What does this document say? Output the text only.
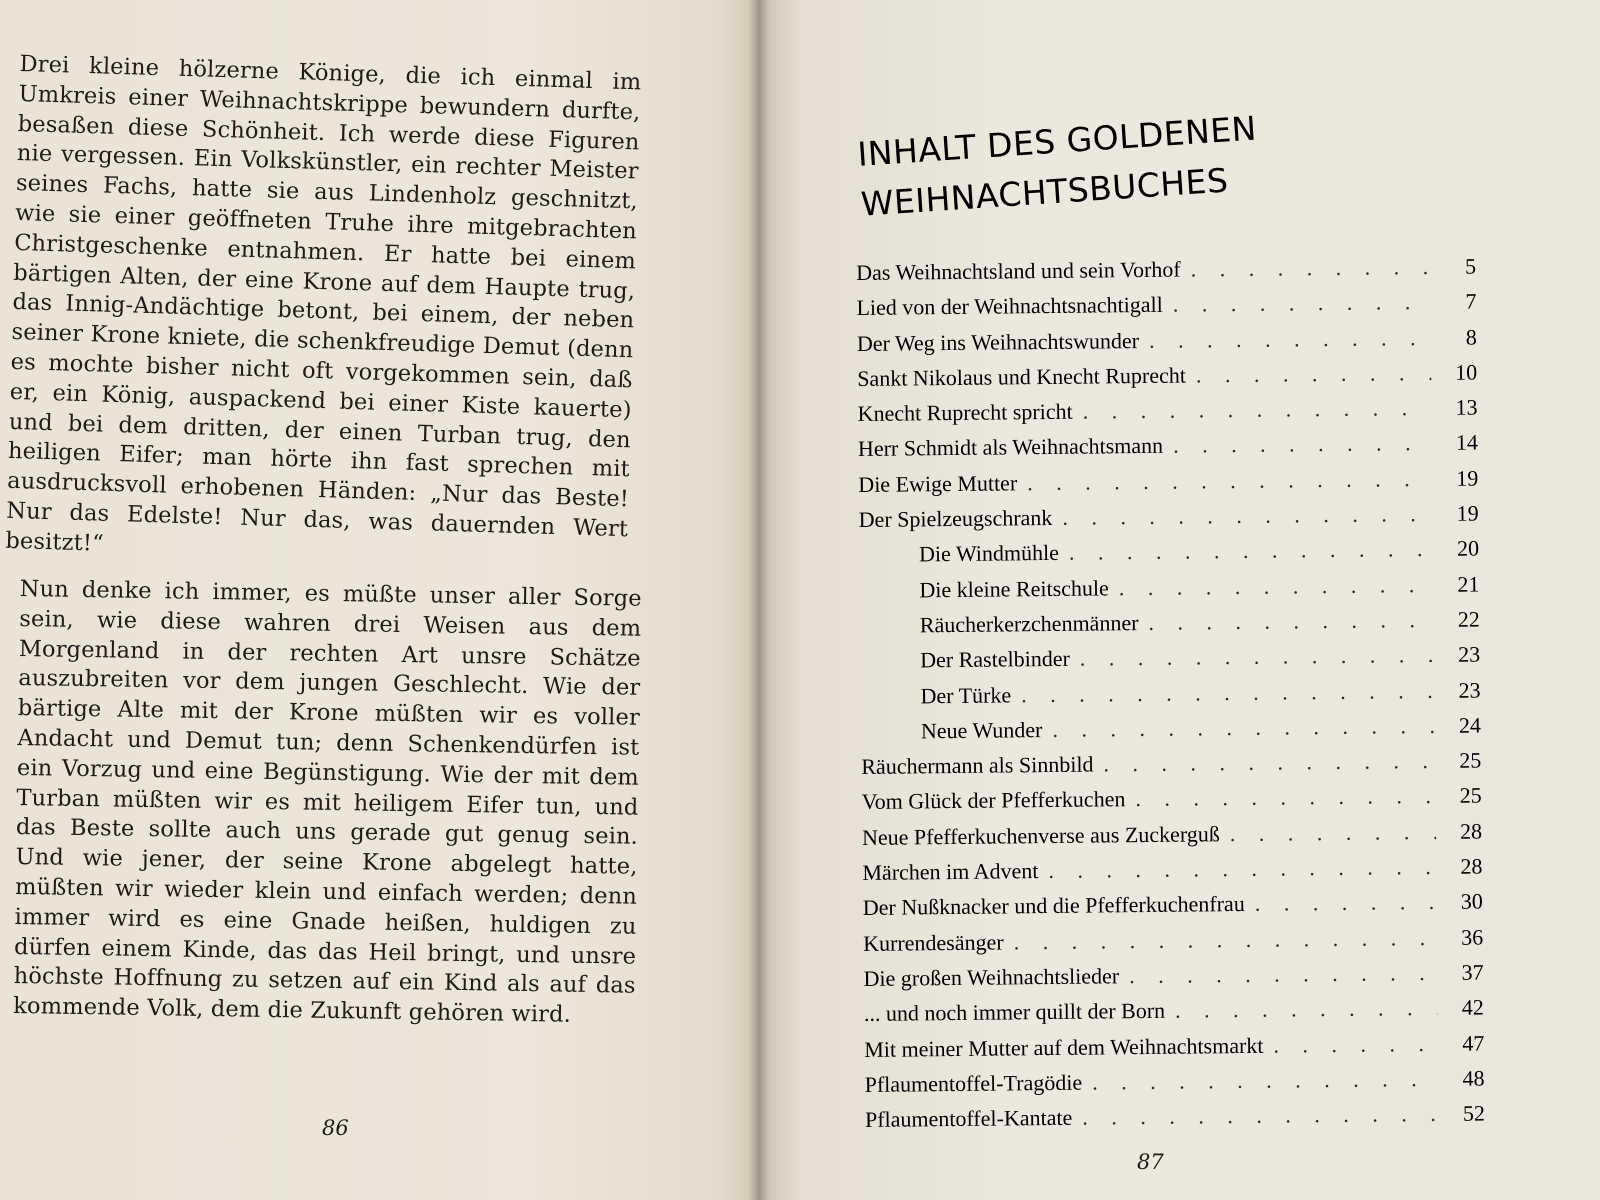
Drei kleine hölzerne Könige, die ich einmal im Umkreis einer Weihnachtskrippe bewundern durfte, besaßen diese Schönheit. Ich werde diese Figuren nie vergessen. Ein Volkskünstler, ein rechter Meister seines Fachs, hatte sie aus Lindenholz geschnitzt, wie sie einer geöffneten Truhe ihre mitgebrachten Christgeschenke entnahmen. Er hatte bei einem bärtigen Alten, der eine Krone auf dem Haupte trug, das Innig-Andächtige betont, bei einem, der neben seiner Krone kniete, die schenkfreudige Demut (denn es mochte bisher nicht oft vorgekommen sein, daß er, ein König, auspackend bei einer Kiste kauerte) und bei dem dritten, der einen Turban trug, den heiligen Eifer; man hörte ihn fast sprechen mit ausdrucksvoll erhobenen Händen: „Nur das Beste! Nur das Edelste! Nur das, was dauernden Wert besitzt!“

Nun denke ich immer, es müßte unser aller Sorge sein, wie diese wahren drei Weisen aus dem Morgenland in der rechten Art unsre Schätze auszubreiten vor dem jungen Geschlecht. Wie der bärtige Alte mit der Krone müßten wir es voller Andacht und Demut tun; denn Schenkendürfen ist ein Vorzug und eine Begünstigung. Wie der mit dem Turban müßten wir es mit heiligem Eifer tun, und das Beste sollte auch uns gerade gut genug sein. Und wie jener, der seine Krone abgelegt hatte, müßten wir wieder klein und einfach werden; denn immer wird es eine Gnade heißen, huldigen zu dürfen einem Kinde, das das Heil bringt, und unsre höchste Hoffnung zu setzen auf ein Kind als auf das kommende Volk, dem die Zukunft gehören wird.

86
87
INHALT DES GOLDENEN
WEIHNACHTSBUCHES
Das Weihnachtsland und sein Vorhof . . .	5
Lied von der Weihnachtsnachtigall . . .	7
Der Weg ins Weihnachtswunder . . .	8
Sankt Nikolaus und Knecht Ruprecht . . .	10
Knecht Ruprecht spricht . . .	13
Herr Schmidt als Weihnachtsmann . . .	14
Die Ewige Mutter . . .	19
Der Spielzeugschrank . . .	19
Die Windmühle . . .	20
Die kleine Reitschule . . .	21
Räucherkerzchenmänner . . .	22
Der Rastelbinder . . .	23
Der Türke . . .	23
Neue Wunder . . .	24
Räuchermann als Sinnbild . . .	25
Vom Glück der Pfefferkuchen . . .	25
Neue Pfefferkuchenverse aus Zuckerguß . . .	28
Märchen im Advent . . .	28
Der Nußknacker und die Pfefferkuchenfrau . . .	30
Kurrendesänger . . .	36
Die großen Weihnachtslieder . . .	37
... und noch immer quillt der Born . . .	42
Mit meiner Mutter auf dem Weihnachtsmarkt . . .	47
Pflaumentoffel-Tragödie . . .	48
Pflaumentoffel-Kantate . . .	52
